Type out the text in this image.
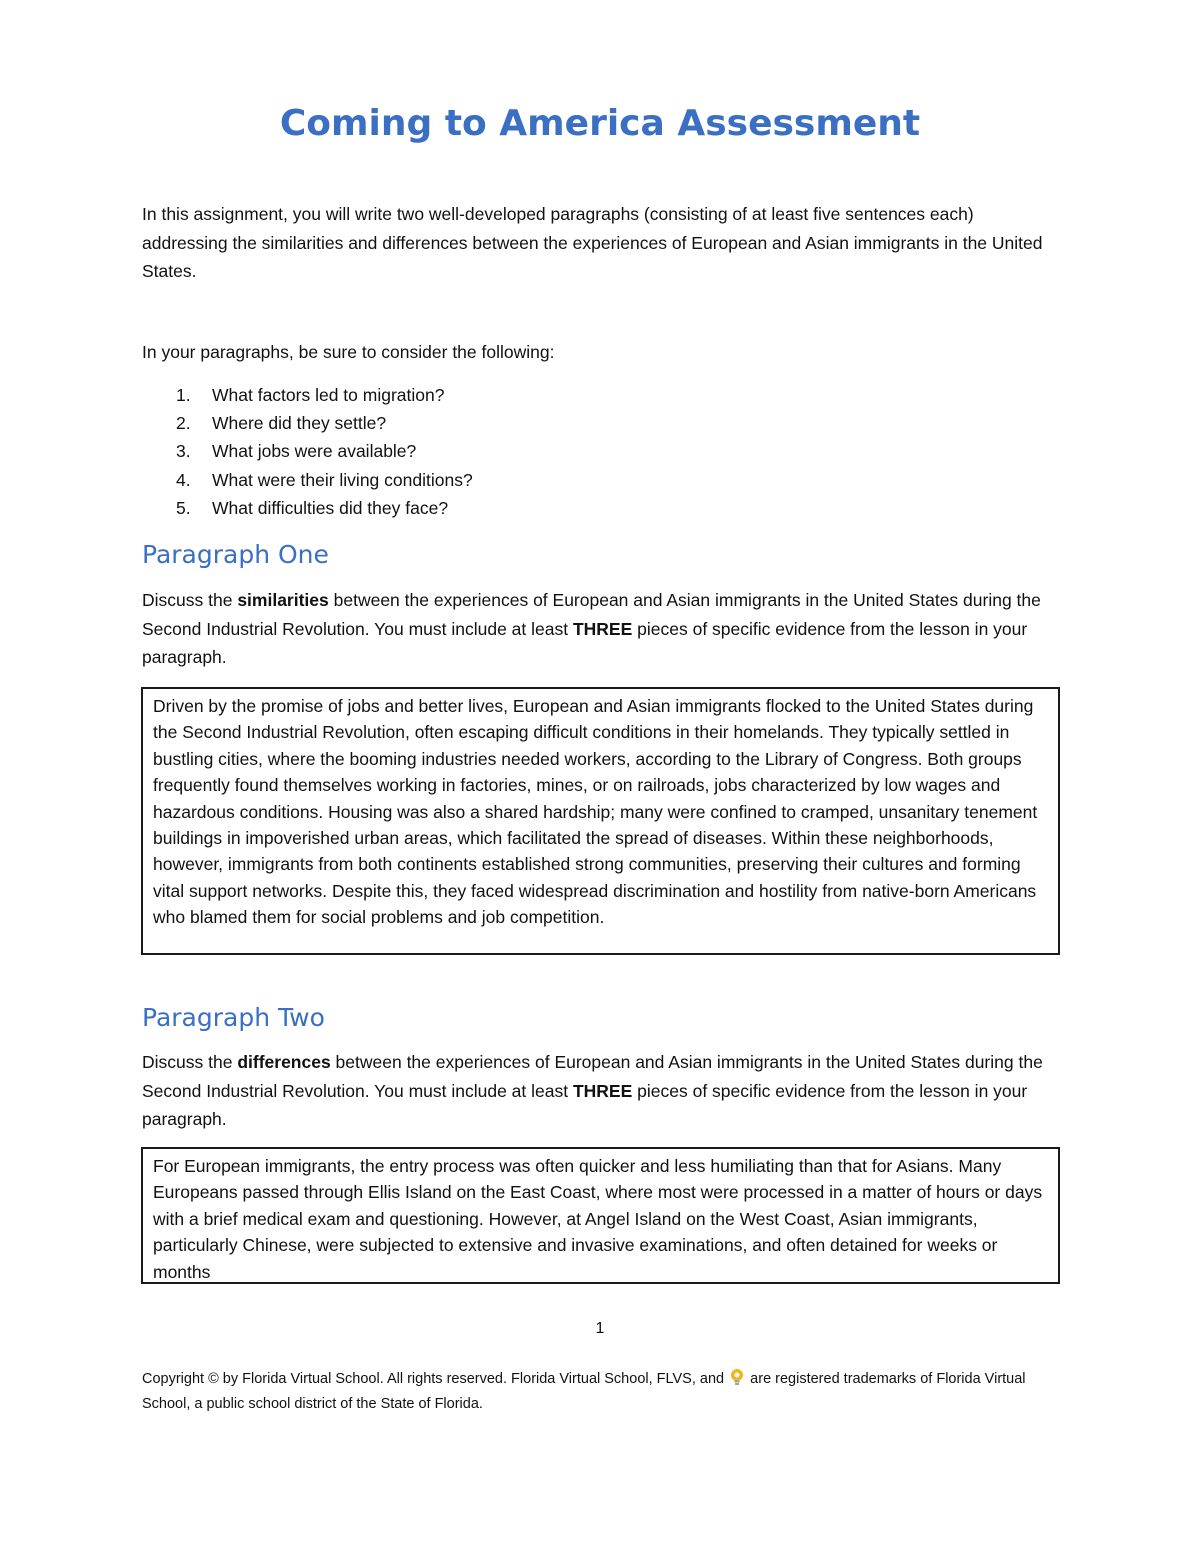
Coming to America Assessment

In this assignment, you will write two well-developed paragraphs (consisting of at least five sentences each) addressing the similarities and differences between the experiences of European and Asian immigrants in the United States.

In your paragraphs, be sure to consider the following:

1. What factors led to migration?
2. Where did they settle?
3. What jobs were available?
4. What were their living conditions?
5. What difficulties did they face?
Paragraph One

Discuss the similarities between the experiences of European and Asian immigrants in the United States during the Second Industrial Revolution. You must include at least THREE pieces of specific evidence from the lesson in your paragraph.

Driven by the promise of jobs and better lives, European and Asian immigrants flocked to the United States during the Second Industrial Revolution, often escaping difficult conditions in their homelands. They typically settled in bustling cities, where the booming industries needed workers, according to the Library of Congress. Both groups frequently found themselves working in factories, mines, or on railroads, jobs characterized by low wages and hazardous conditions. Housing was also a shared hardship; many were confined to cramped, unsanitary tenement buildings in impoverished urban areas, which facilitated the spread of diseases. Within these neighborhoods, however, immigrants from both continents established strong communities, preserving their cultures and forming vital support networks. Despite this, they faced widespread discrimination and hostility from native-born Americans who blamed them for social problems and job competition.
Paragraph Two

Discuss the differences between the experiences of European and Asian immigrants in the United States during the Second Industrial Revolution. You must include at least THREE pieces of specific evidence from the lesson in your paragraph.

For European immigrants, the entry process was often quicker and less humiliating than that for Asians. Many Europeans passed through Ellis Island on the East Coast, where most were processed in a matter of hours or days with a brief medical exam and questioning. However, at Angel Island on the West Coast, Asian immigrants, particularly Chinese, were subjected to extensive and invasive examinations, and often detained for weeks or months
1
Copyright © by Florida Virtual School. All rights reserved. Florida Virtual School, FLVS, and are registered trademarks of Florida Virtual School, a public school district of the State of Florida.
